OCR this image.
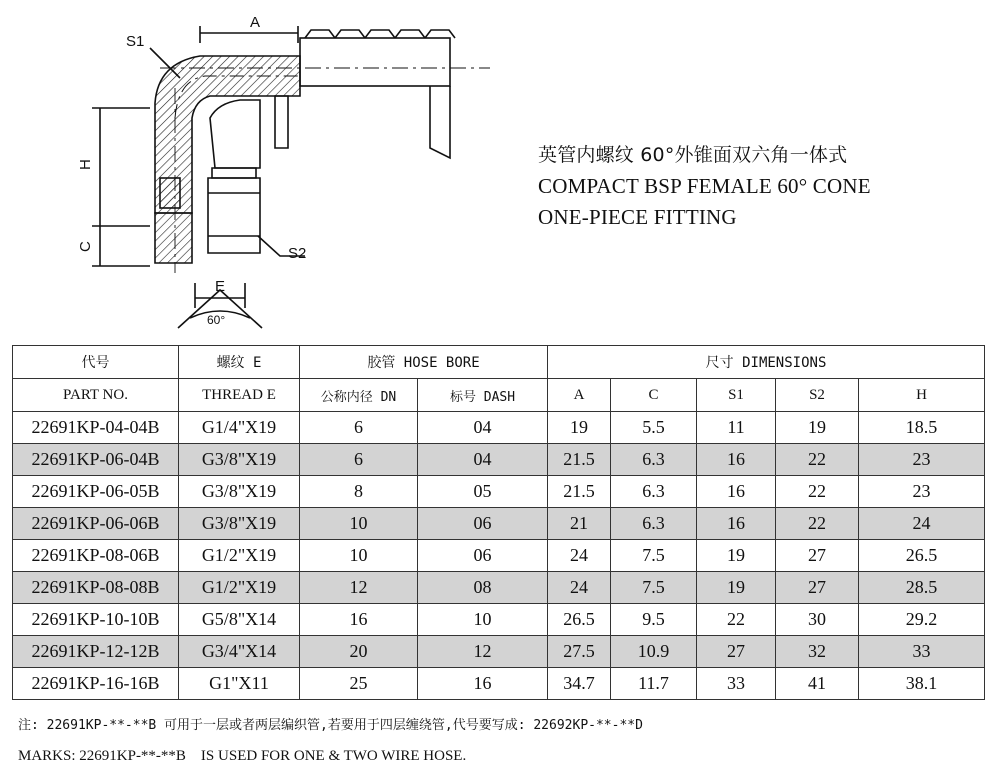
A
S1
H
C	S2
E
60°
英管内螺纹 60°外锥面双六角一体式
COMPACT BSP FEMALE 60° CONE
ONE-PIECE FITTING
代号	螺纹 E	胶管 HOSE BORE		尺寸 DIMENSIONS				
PART NO.	THREAD E	公称内径 DN	标号 DASH	A	C	S1	S2	H
22691KP-04-04B	G1/4"X19	6	04	19	5.5	11	19	18.5
22691KP-06-04B	G3/8"X19	6	04	21.5	6.3	16	22	23
22691KP-06-05B	G3/8"X19	8	05	21.5	6.3	16	22	23
22691KP-06-06B	G3/8"X19	10	06	21	6.3	16	22	24
22691KP-08-06B	G1/2"X19	10	06	24	7.5	19	27	26.5
22691KP-08-08B	G1/2"X19	12	08	24	7.5	19	27	28.5
22691KP-10-10B	G5/8"X14	16	10	26.5	9.5	22	30	29.2
22691KP-12-12B	G3/4"X14	20	12	27.5	10.9	27	32	33
22691KP-16-16B	G1"X11	25	16	34.7	11.7	33	41	38.1
注: 22691KP-**-**B 可用于一层或者两层编织管,若要用于四层缠绕管,代号要写成: 22692KP-**-**D
MARKS: 22691KP-**-**B    IS USED FOR ONE & TWO WIRE HOSE.
